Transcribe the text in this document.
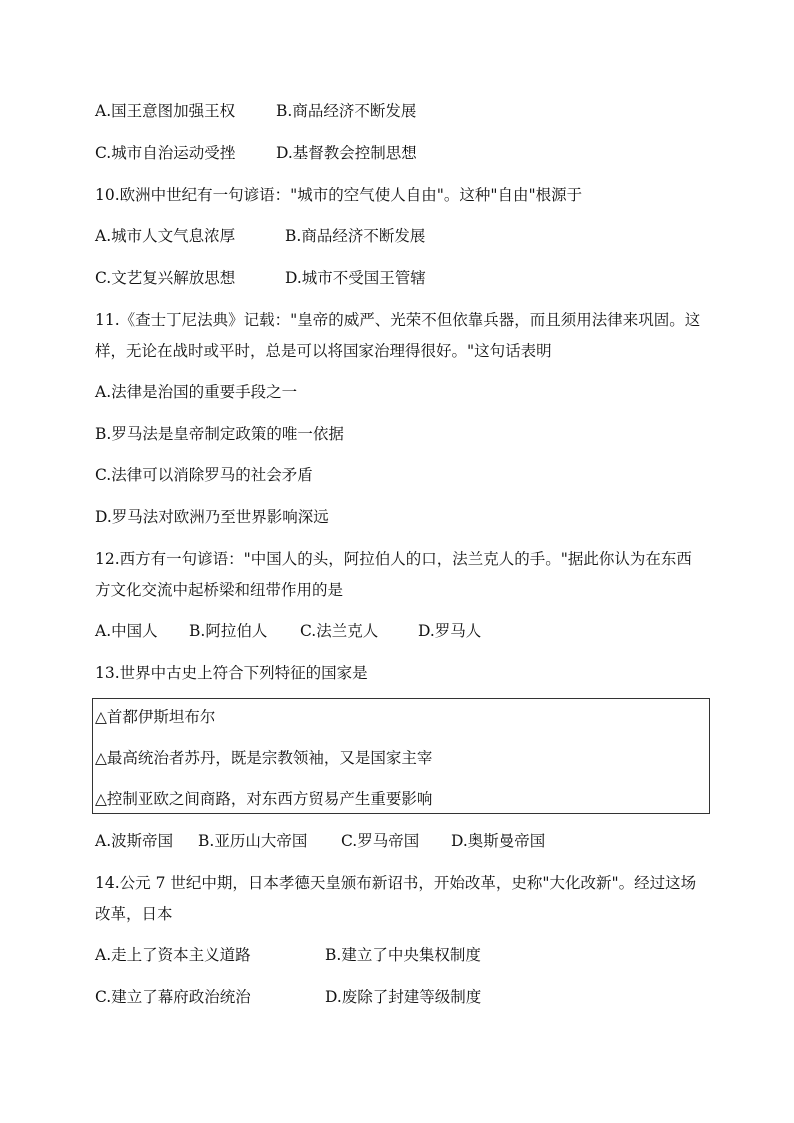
A.国王意图加强王权	B.商品经济不断发展
C.城市自治运动受挫	D.基督教会控制思想
10.欧洲中世纪有一句谚语："城市的空气使人自由"。这种"自由"根源于
A.城市人文气息浓厚	B.商品经济不断发展
C.文艺复兴解放思想	D.城市不受国王管辖
11.《查士丁尼法典》记载："皇帝的威严、光荣不但依靠兵器，而且须用法律来巩固。这
样，无论在战时或平时，总是可以将国家治理得很好。"这句话表明
A.法律是治国的重要手段之一
B.罗马法是皇帝制定政策的唯一依据
C.法律可以消除罗马的社会矛盾
D.罗马法对欧洲乃至世界影响深远
12.西方有一句谚语："中国人的头，阿拉伯人的口，法兰克人的手。"据此你认为在东西
方文化交流中起桥梁和纽带作用的是
A.中国人 B.阿拉伯人 C.法兰克人	D.罗马人
13.世界中古史上符合下列特征的国家是
△首都伊斯坦布尔
△最高统治者苏丹，既是宗教领袖，又是国家主宰
△控制亚欧之间商路，对东西方贸易产生重要影响
A.波斯帝国 B.亚历山大帝国 C.罗马帝国 D.奥斯曼帝国
14.公元 7 世纪中期，日本孝德天皇颁布新诏书，开始改革，史称"大化改新"。经过这场
改革，日本
A.走上了资本主义道路	B.建立了中央集权制度
C.建立了幕府政治统治	D.废除了封建等级制度
